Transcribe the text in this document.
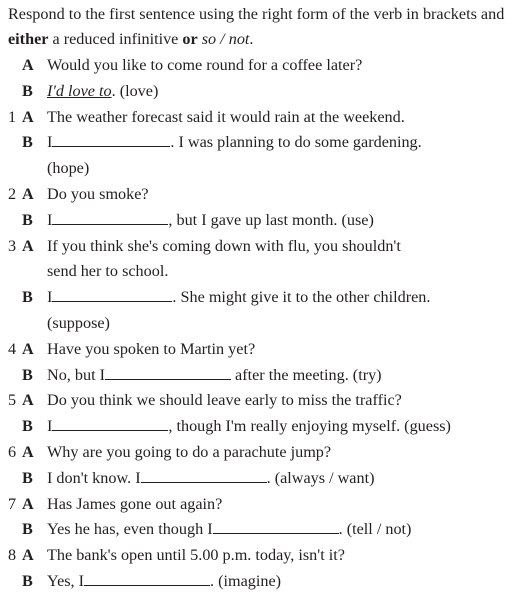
Respond to the first sentence using the right form of the verb in brackets and either a reduced infinitive or so / not.
A Would you like to come round for a coffee later?
B I'd love to. (love)
1 A The weather forecast said it would rain at the weekend.
B I	. I was planning to do some gardening.
(hope)
2 A Do you smoke?
B I	, but I gave up last month. (use)
3 A If you think she's coming down with flu, you shouldn't
send her to school.
B I	. She might give it to the other children.
(suppose)
4 A Have you spoken to Martin yet?
B No, but I	after the meeting. (try)
5 A Do you think we should leave early to miss the traffic?
B I	, though I'm really enjoying myself. (guess)
6 A Why are you going to do a parachute jump?
B I don't know. I	. (always / want)
7 A Has James gone out again?
B Yes he has, even though I	. (tell / not)
8 A The bank's open until 5.00 p.m. today, isn't it?
B Yes, I	. (imagine)
